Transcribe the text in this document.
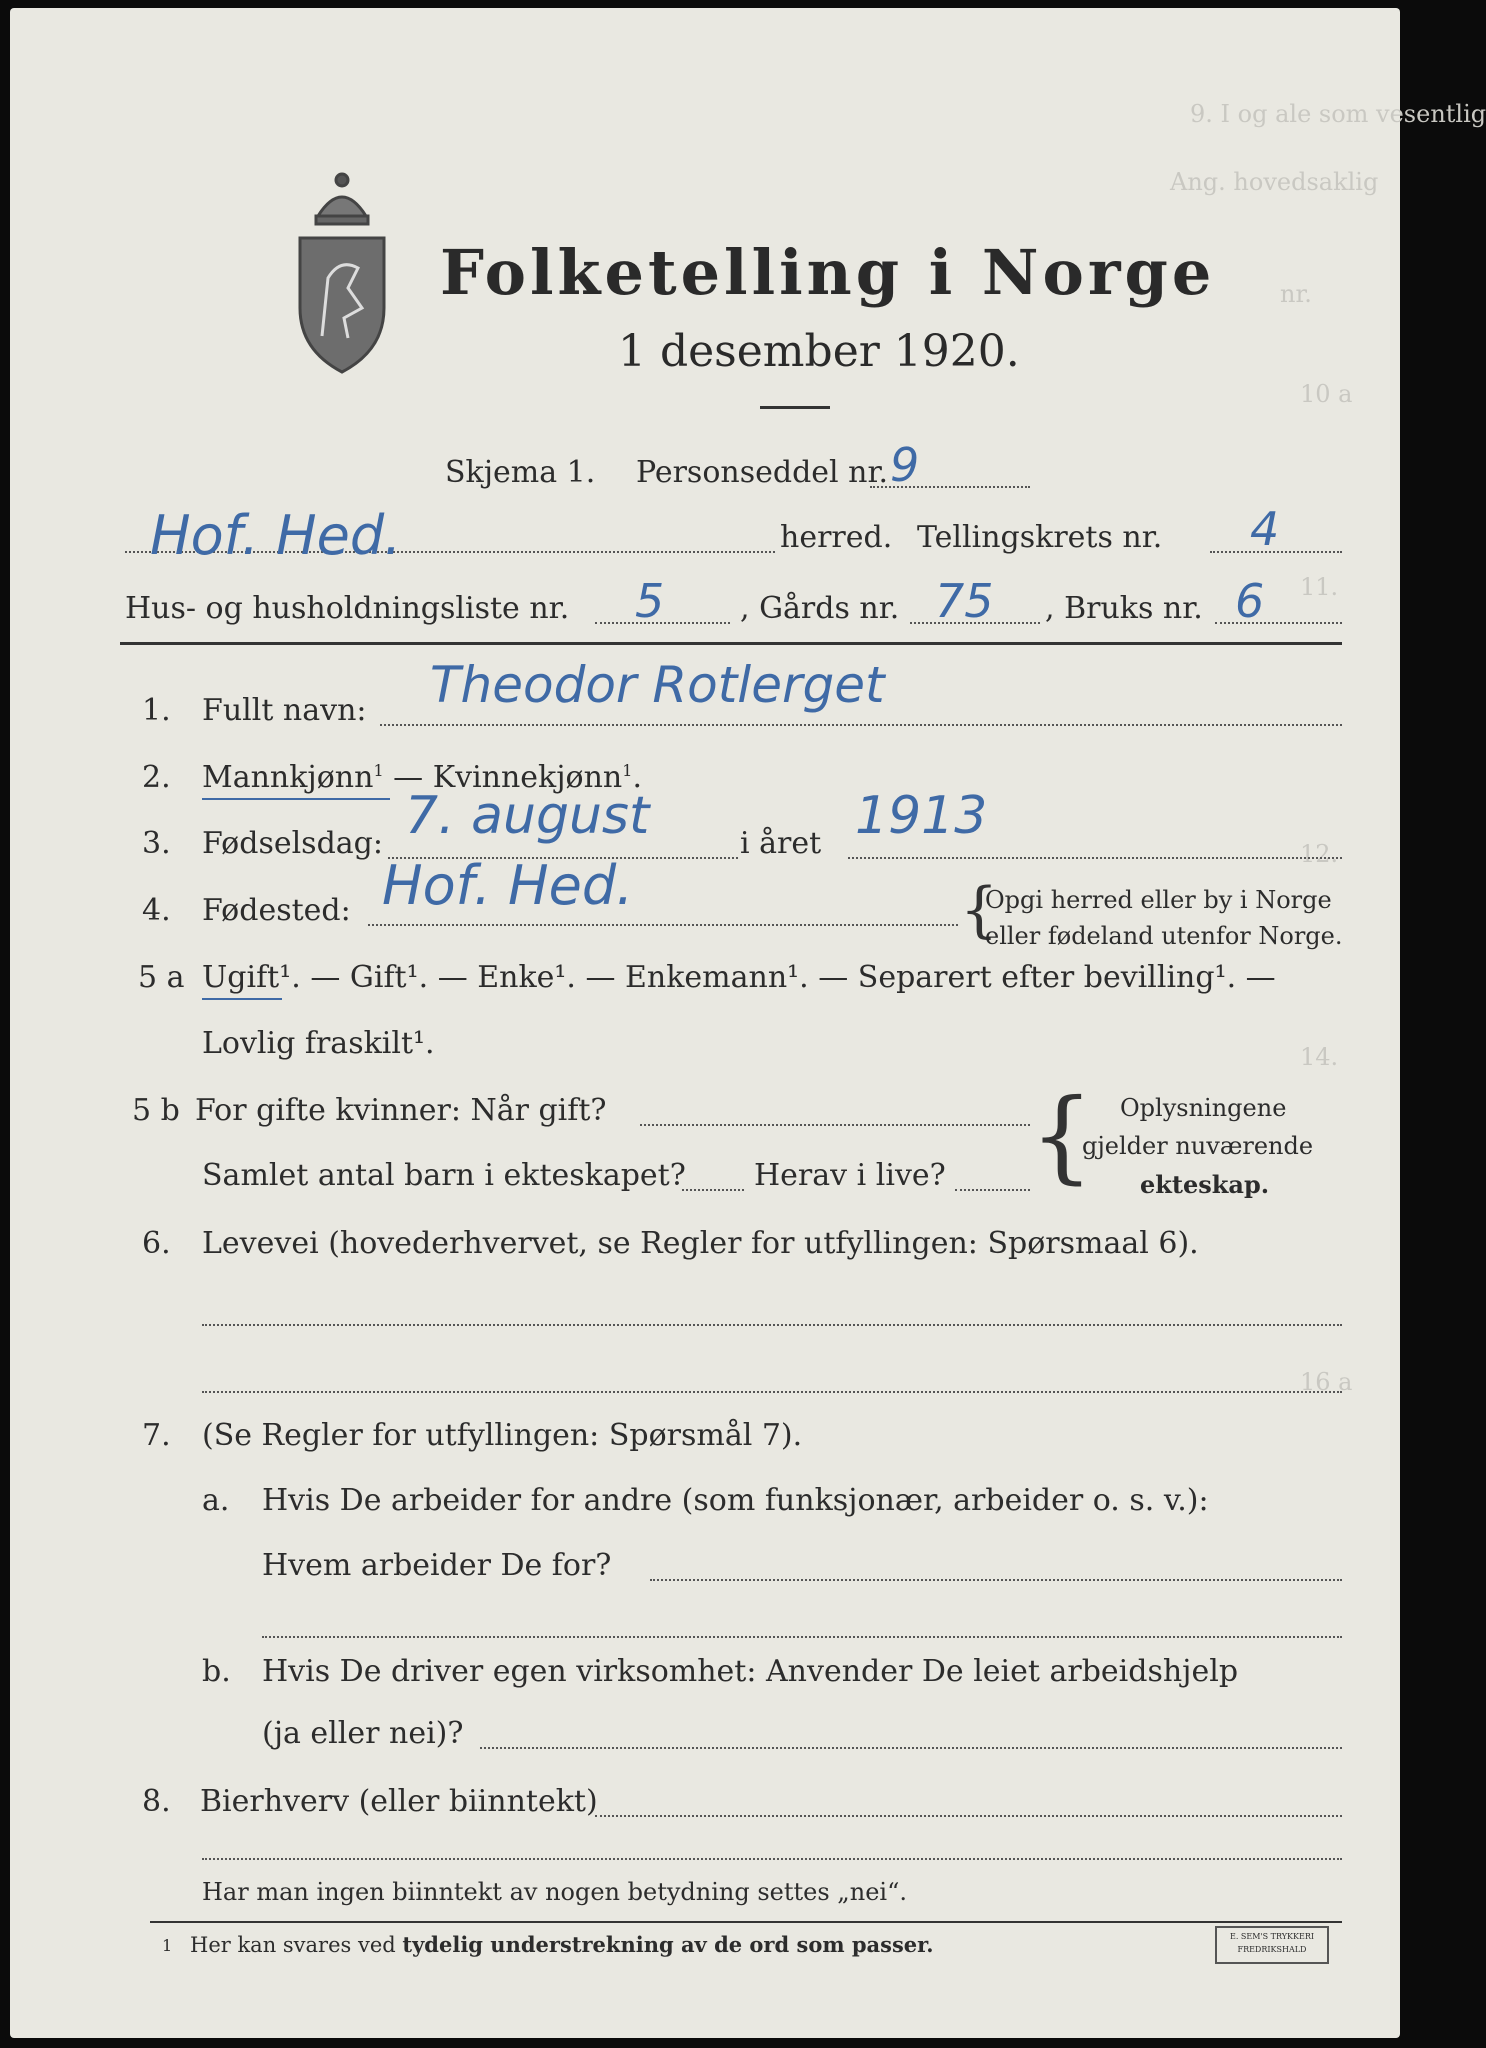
9. I og ale som vesentlig
Ang. hovedsaklig
nr.
10 a
11.
12.
14.
16 a
Folketelling i Norge
1 desember 1920.
Skjema 1. Personseddel nr. 9
Hof. Hed.	herred. Tellingskrets nr. 4
Hus- og husholdningsliste nr. 5	, Gårds nr. 75 , Bruks nr. 6
1. Fullt navn: Theodor Rotlerget
2. Mannkjønn$^1$ — Kvinnekjønn$^1$.
3. Fødselsdag: 7. august	i året 1913
4. Fødested: Hof. Hed.	{
Opgi herred eller by i Norge
eller fødeland utenfor Norge.
5 a Ugift¹. — Gift¹. — Enke¹. — Enkemann¹. — Separert efter bevilling¹. —
Lovlig fraskilt¹.
5 b For gifte kvinner: Når gift?
Samlet antal barn i ekteskapet? Herav i live? { Oplysningene
gjelder nuværende
ekteskap.
6. Levevei (hovederhvervet, se Regler for utfyllingen: Spørsmaal 6).
7. (Se Regler for utfyllingen: Spørsmål 7).
a. Hvis De arbeider for andre (som funksjonær, arbeider o. s. v.):
Hvem arbeider De for?
b. Hvis De driver egen virksomhet: Anvender De leiet arbeidshjelp
(ja eller nei)?
8. Bierhverv (eller biinntekt)
Har man ingen biinntekt av nogen betydning settes „nei“.
1 Her kan svares ved tydelig understrekning av de ord som passer.	E. SEM'S TRYKKERI
FREDRIKSHALD
